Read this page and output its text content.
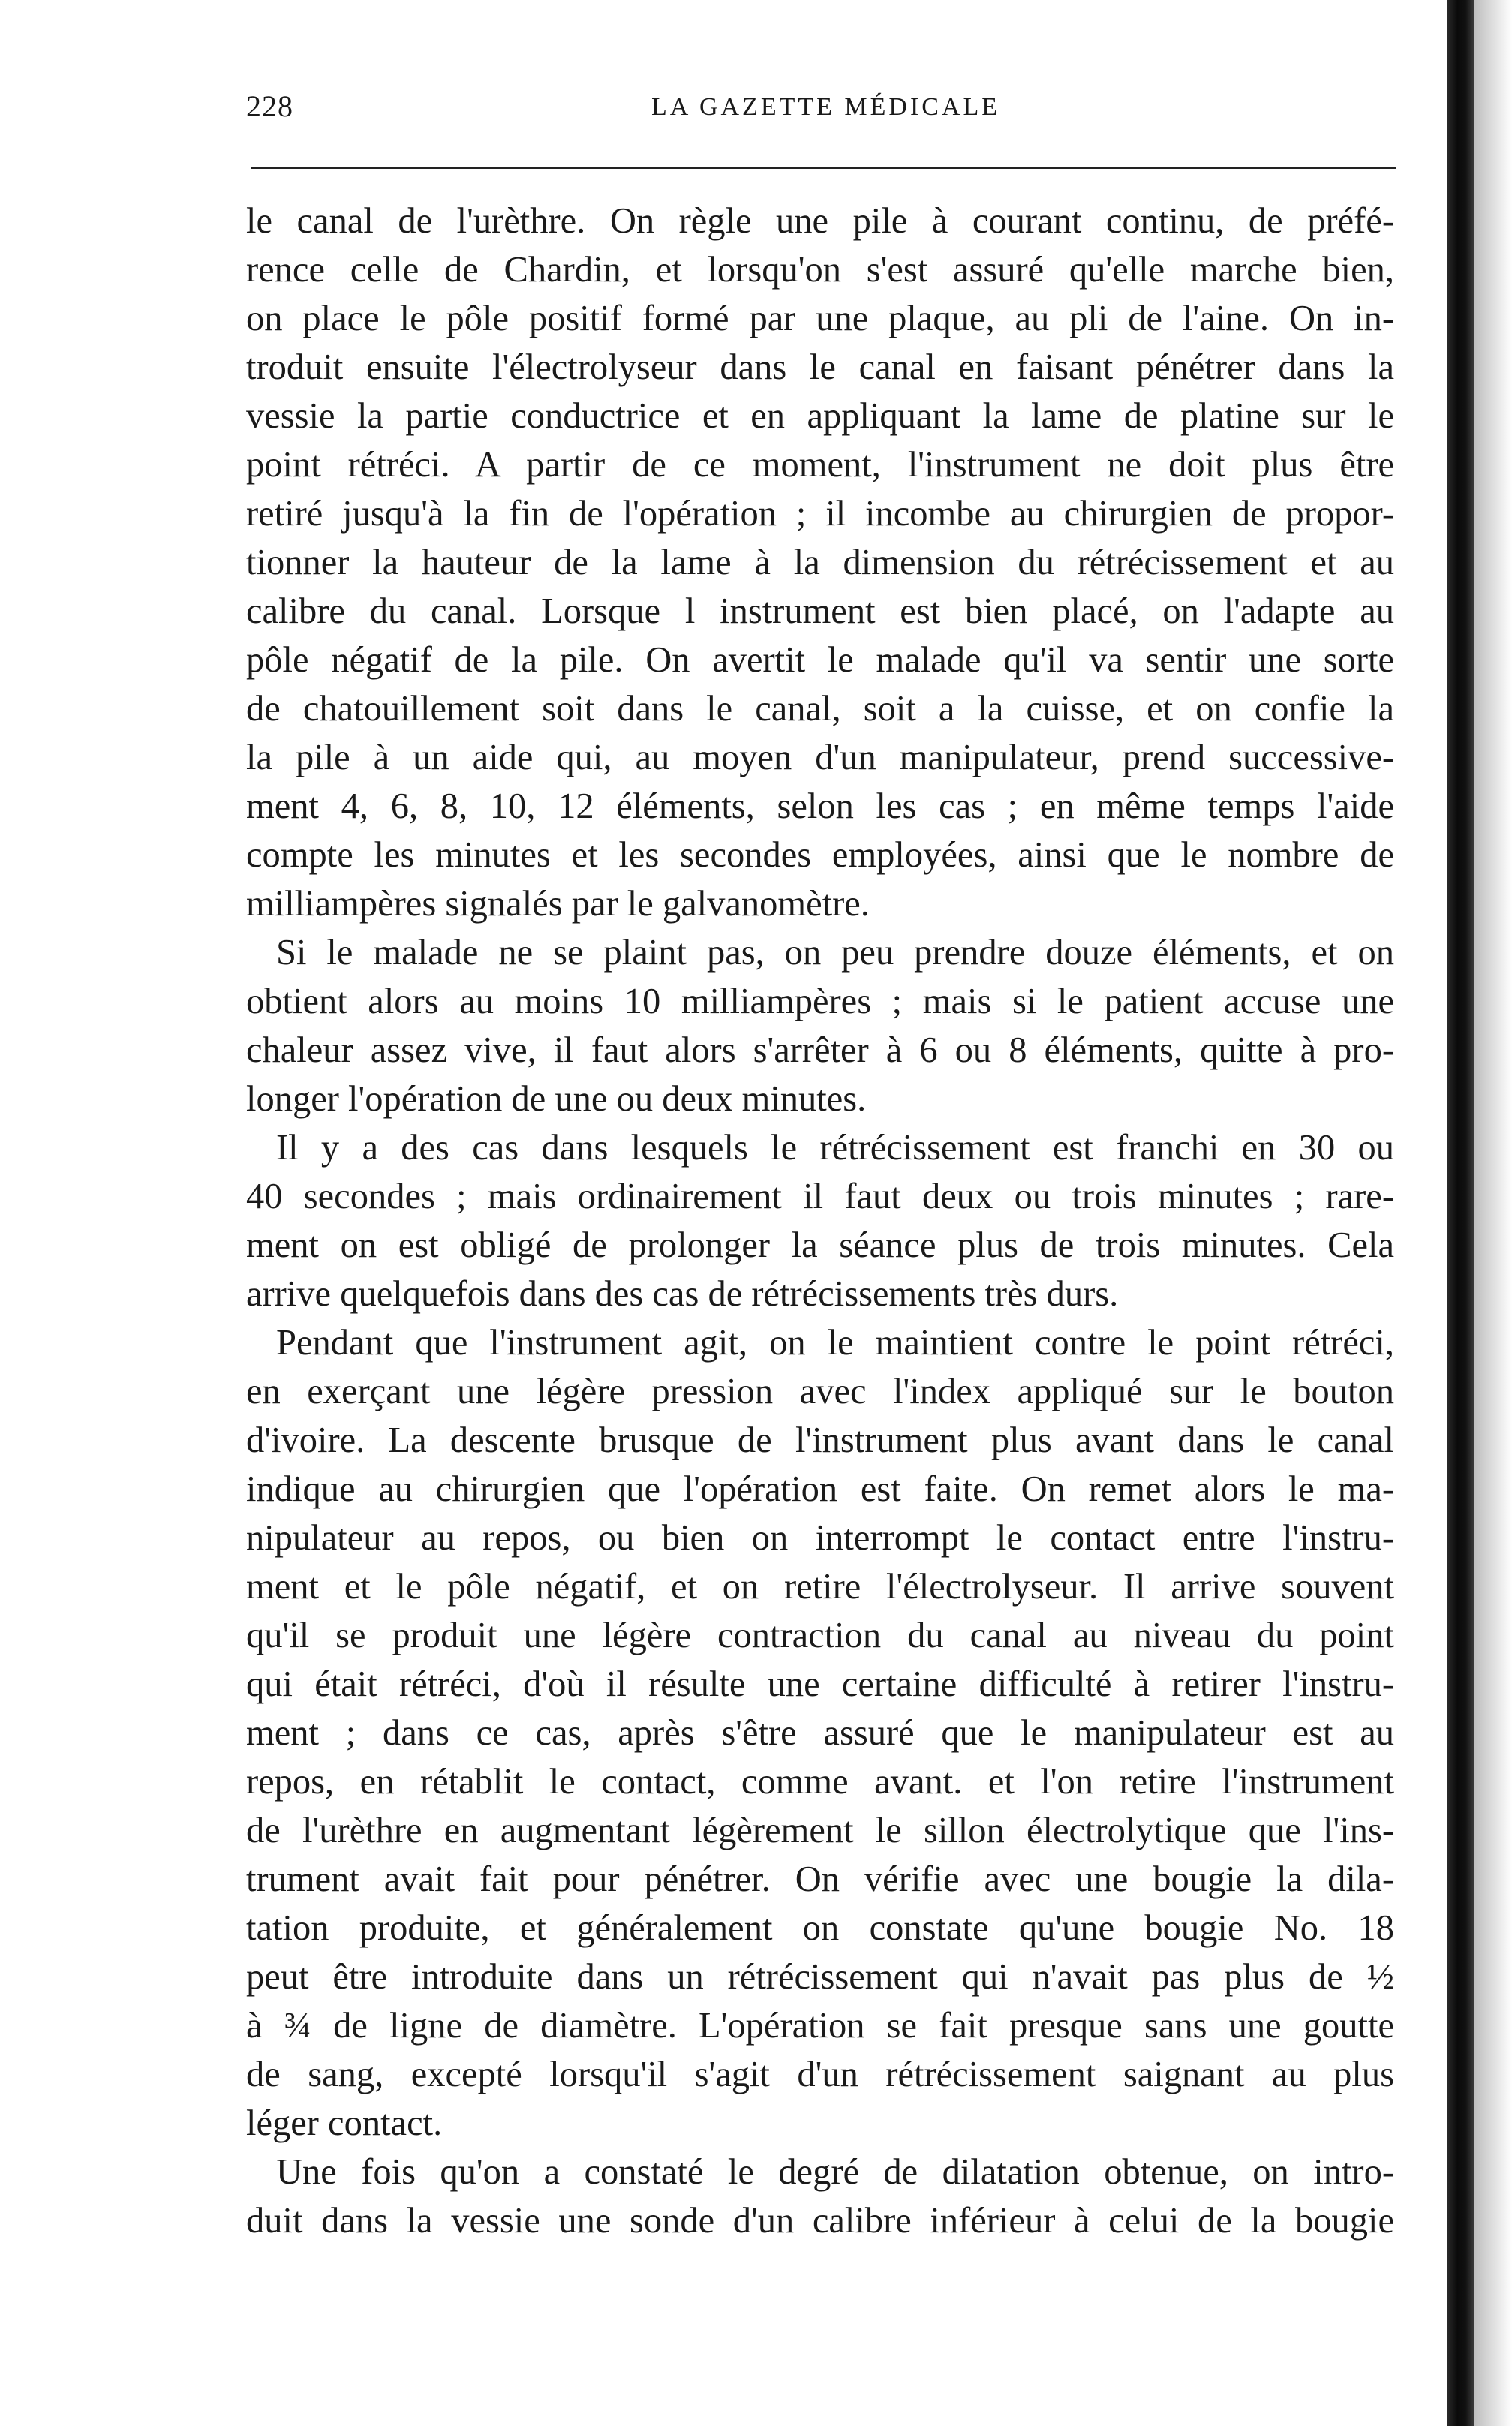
228	LA GAZETTE MÉDICALE
le canal de l'urèthre. On règle une pile à courant continu, de préfé-
rence celle de Chardin, et lorsqu'on s'est assuré qu'elle marche bien,
on place le pôle positif formé par une plaque, au pli de l'aine. On in-
troduit ensuite l'électrolyseur dans le canal en faisant pénétrer dans la
vessie la partie conductrice et en appliquant la lame de platine sur le
point rétréci. A partir de ce moment, l'instrument ne doit plus être
retiré jusqu'à la fin de l'opération ; il incombe au chirurgien de propor-
tionner la hauteur de la lame à la dimension du rétrécissement et au
calibre du canal. Lorsque l instrument est bien placé, on l'adapte au
pôle négatif de la pile. On avertit le malade qu'il va sentir une sorte
de chatouillement soit dans le canal, soit a la cuisse, et on confie la
la pile à un aide qui, au moyen d'un manipulateur, prend successive-
ment 4, 6, 8, 10, 12 éléments, selon les cas ; en même temps l'aide
compte les minutes et les secondes employées, ainsi que le nombre de
milliampères signalés par le galvanomètre.
Si le malade ne se plaint pas, on peu prendre douze éléments, et on
obtient alors au moins 10 milliampères ; mais si le patient accuse une
chaleur assez vive, il faut alors s'arrêter à 6 ou 8 éléments, quitte à pro-
longer l'opération de une ou deux minutes.
Il y a des cas dans lesquels le rétrécissement est franchi en 30 ou
40 secondes ; mais ordinairement il faut deux ou trois minutes ; rare-
ment on est obligé de prolonger la séance plus de trois minutes. Cela
arrive quelquefois dans des cas de rétrécissements très durs.
Pendant que l'instrument agit, on le maintient contre le point rétréci,
en exerçant une légère pression avec l'index appliqué sur le bouton
d'ivoire. La descente brusque de l'instrument plus avant dans le canal
indique au chirurgien que l'opération est faite. On remet alors le ma-
nipulateur au repos, ou bien on interrompt le contact entre l'instru-
ment et le pôle négatif, et on retire l'électrolyseur. Il arrive souvent
qu'il se produit une légère contraction du canal au niveau du point
qui était rétréci, d'où il résulte une certaine difficulté à retirer l'instru-
ment ; dans ce cas, après s'être assuré que le manipulateur est au
repos, en rétablit le contact, comme avant. et l'on retire l'instrument
de l'urèthre en augmentant légèrement le sillon électrolytique que l'ins-
trument avait fait pour pénétrer. On vérifie avec une bougie la dila-
tation produite, et généralement on constate qu'une bougie No. 18
peut être introduite dans un rétrécissement qui n'avait pas plus de ½
à ¾ de ligne de diamètre. L'opération se fait presque sans une goutte
de sang, excepté lorsqu'il s'agit d'un rétrécissement saignant au plus
léger contact.
Une fois qu'on a constaté le degré de dilatation obtenue, on intro-
duit dans la vessie une sonde d'un calibre inférieur à celui de la bougie
